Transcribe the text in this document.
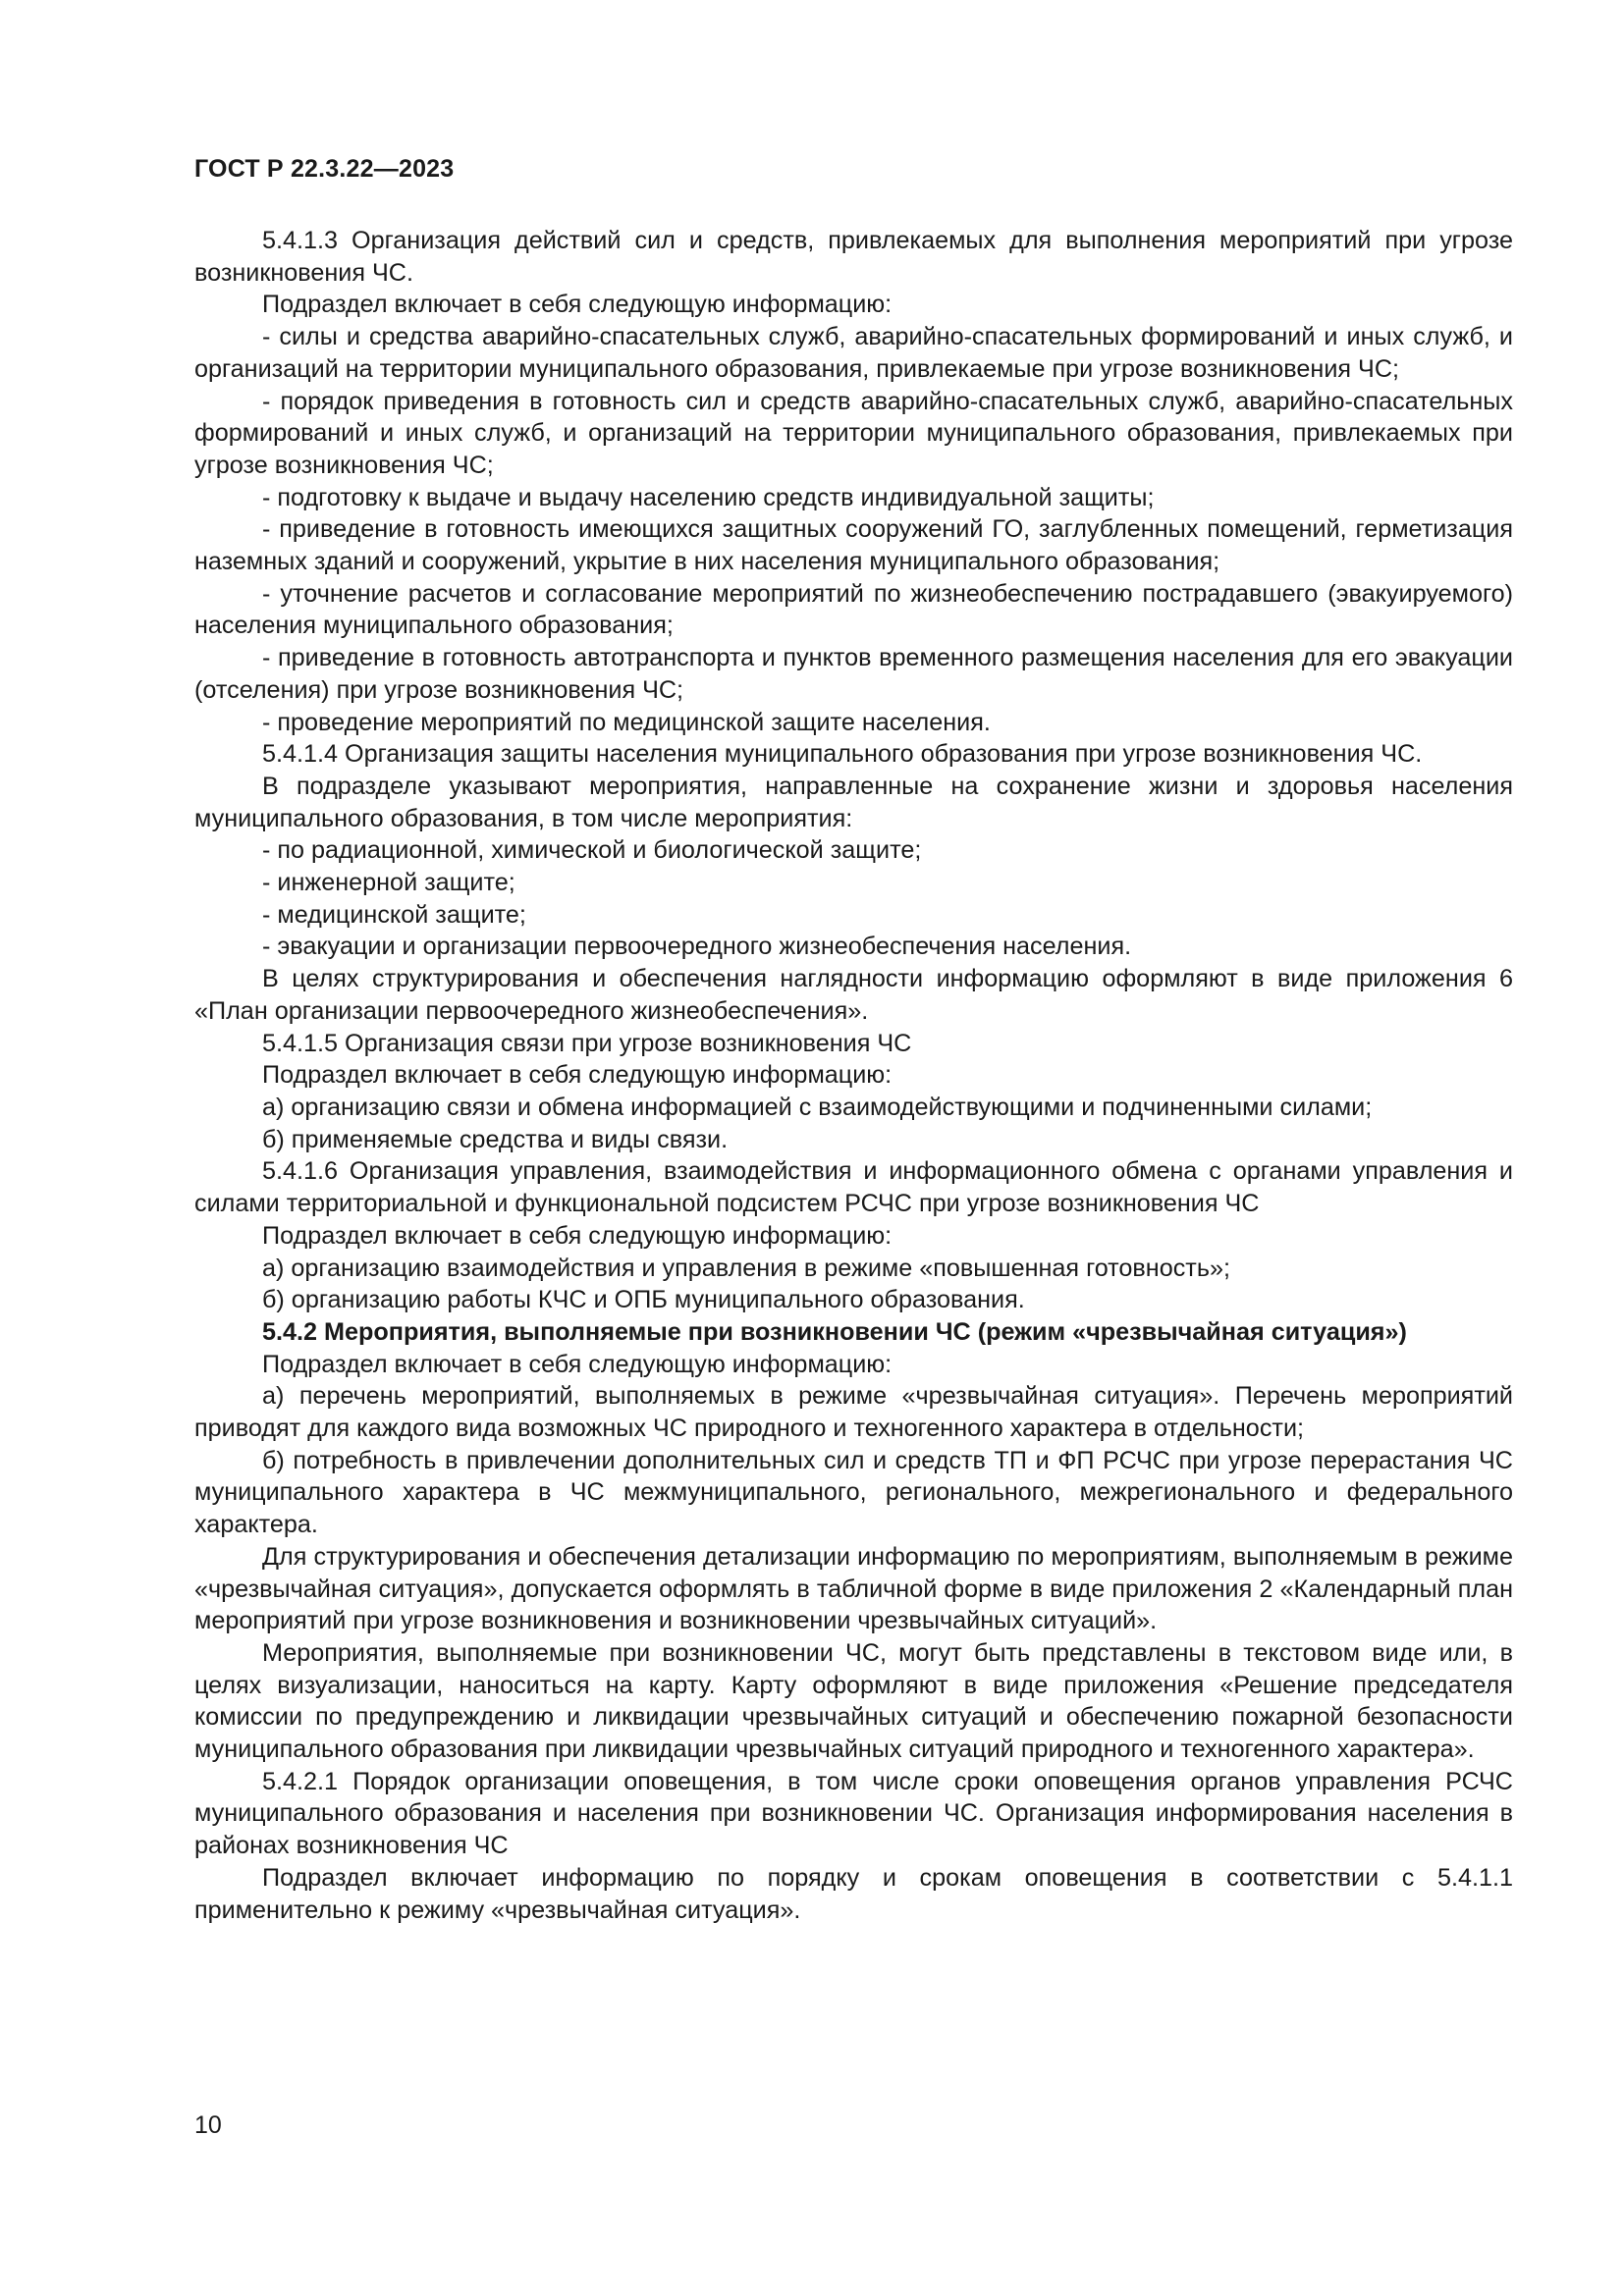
ГОСТ Р 22.3.22—2023

5.4.1.3 Организация действий сил и средств, привлекаемых для выполнения мероприятий при угрозе возникновения ЧС.

Подраздел включает в себя следующую информацию:

- силы и средства аварийно-спасательных служб, аварийно-спасательных формирований и иных служб, и организаций на территории муниципального образования, привлекаемые при угрозе возникновения ЧС;

- порядок приведения в готовность сил и средств аварийно-спасательных служб, аварийно-спасательных формирований и иных служб, и организаций на территории муниципального образования, привлекаемых при угрозе возникновения ЧС;

- подготовку к выдаче и выдачу населению средств индивидуальной защиты;

- приведение в готовность имеющихся защитных сооружений ГО, заглубленных помещений, герметизация наземных зданий и сооружений, укрытие в них населения муниципального образования;

- уточнение расчетов и согласование мероприятий по жизнеобеспечению пострадавшего (эвакуируемого) населения муниципального образования;

- приведение в готовность автотранспорта и пунктов временного размещения населения для его эвакуации (отселения) при угрозе возникновения ЧС;

- проведение мероприятий по медицинской защите населения.

5.4.1.4 Организация защиты населения муниципального образования при угрозе возникновения ЧС.

В подразделе указывают мероприятия, направленные на сохранение жизни и здоровья населения муниципального образования, в том числе мероприятия:

- по радиационной, химической и биологической защите;

- инженерной защите;

- медицинской защите;

- эвакуации и организации первоочередного жизнеобеспечения населения.

В целях структурирования и обеспечения наглядности информацию оформляют в виде приложения 6 «План организации первоочередного жизнеобеспечения».

5.4.1.5 Организация связи при угрозе возникновения ЧС

Подраздел включает в себя следующую информацию:

а) организацию связи и обмена информацией с взаимодействующими и подчиненными силами;

б) применяемые средства и виды связи.

5.4.1.6 Организация управления, взаимодействия и информационного обмена с органами управления и силами территориальной и функциональной подсистем РСЧС при угрозе возникновения ЧС

Подраздел включает в себя следующую информацию:

а) организацию взаимодействия и управления в режиме «повышенная готовность»;

б) организацию работы КЧС и ОПБ муниципального образования.

5.4.2 Мероприятия, выполняемые при возникновении ЧС (режим «чрезвычайная ситуация»)

Подраздел включает в себя следующую информацию:

а) перечень мероприятий, выполняемых в режиме «чрезвычайная ситуация». Перечень мероприятий приводят для каждого вида возможных ЧС природного и техногенного характера в отдельности;

б) потребность в привлечении дополнительных сил и средств ТП и ФП РСЧС при угрозе перерастания ЧС муниципального характера в ЧС межмуниципального, регионального, межрегионального и федерального характера.

Для структурирования и обеспечения детализации информацию по мероприятиям, выполняемым в режиме «чрезвычайная ситуация», допускается оформлять в табличной форме в виде приложения 2 «Календарный план мероприятий при угрозе возникновения и возникновении чрезвычайных ситуаций».

Мероприятия, выполняемые при возникновении ЧС, могут быть представлены в текстовом виде или, в целях визуализации, наноситься на карту. Карту оформляют в виде приложения «Решение председателя комиссии по предупреждению и ликвидации чрезвычайных ситуаций и обеспечению пожарной безопасности муниципального образования при ликвидации чрезвычайных ситуаций природного и техногенного характера».

5.4.2.1 Порядок организации оповещения, в том числе сроки оповещения органов управления РСЧС муниципального образования и населения при возникновении ЧС. Организация информирования населения в районах возникновения ЧС

Подраздел включает информацию по порядку и срокам оповещения в соответствии с 5.4.1.1 применительно к режиму «чрезвычайная ситуация».

10
